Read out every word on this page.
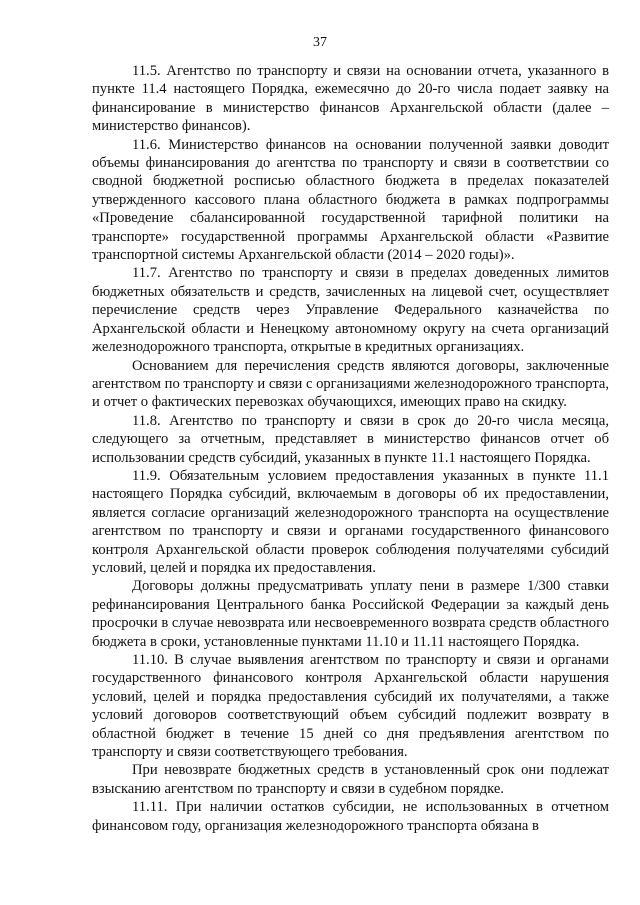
37

11.5. Агентство по транспорту и связи на основании отчета, указанного в пункте 11.4 настоящего Порядка, ежемесячно до 20-го числа подает заявку на финансирование в министерство финансов Архангельской области (далее – министерство финансов).

11.6. Министерство финансов на основании полученной заявки доводит объемы финансирования до агентства по транспорту и связи в соответствии со сводной бюджетной росписью областного бюджета в пределах показателей утвержденного кассового плана областного бюджета в рамках подпрограммы «Проведение сбалансированной государственной тарифной политики на транспорте» государственной программы Архангельской области «Развитие транспортной системы Архангельской области (2014 – 2020 годы)».

11.7. Агентство по транспорту и связи в пределах доведенных лимитов бюджетных обязательств и средств, зачисленных на лицевой счет, осуществляет перечисление средств через Управление Федерального казначейства по Архангельской области и Ненецкому автономному округу на счета организаций железнодорожного транспорта, открытые в кредитных организациях.

Основанием для перечисления средств являются договоры, заключенные агентством по транспорту и связи с организациями железнодорожного транспорта, и отчет о фактических перевозках обучающихся, имеющих право на скидку.

11.8. Агентство по транспорту и связи в срок до 20-го числа месяца, следующего за отчетным, представляет в министерство финансов отчет об использовании средств субсидий, указанных в пункте 11.1 настоящего Порядка.

11.9. Обязательным условием предоставления указанных в пункте 11.1 настоящего Порядка субсидий, включаемым в договоры об их предоставлении, является согласие организаций железнодорожного транспорта на осуществление агентством по транспорту и связи и органами государственного финансового контроля Архангельской области проверок соблюдения получателями субсидий условий, целей и порядка их предоставления.

Договоры должны предусматривать уплату пени в размере 1/300 ставки рефинансирования Центрального банка Российской Федерации за каждый день просрочки в случае невозврата или несвоевременного возврата средств областного бюджета в сроки, установленные пунктами 11.10 и 11.11 настоящего Порядка.

11.10. В случае выявления агентством по транспорту и связи и органами государственного финансового контроля Архангельской области нарушения условий, целей и порядка предоставления субсидий их получателями, а также условий договоров соответствующий объем субсидий подлежит возврату в областной бюджет в течение 15 дней со дня предъявления агентством по транспорту и связи соответствующего требования.

При невозврате бюджетных средств в установленный срок они подлежат взысканию агентством по транспорту и связи в судебном порядке.

11.11. При наличии остатков субсидии, не использованных в отчетном финансовом году, организация железнодорожного транспорта обязана в
